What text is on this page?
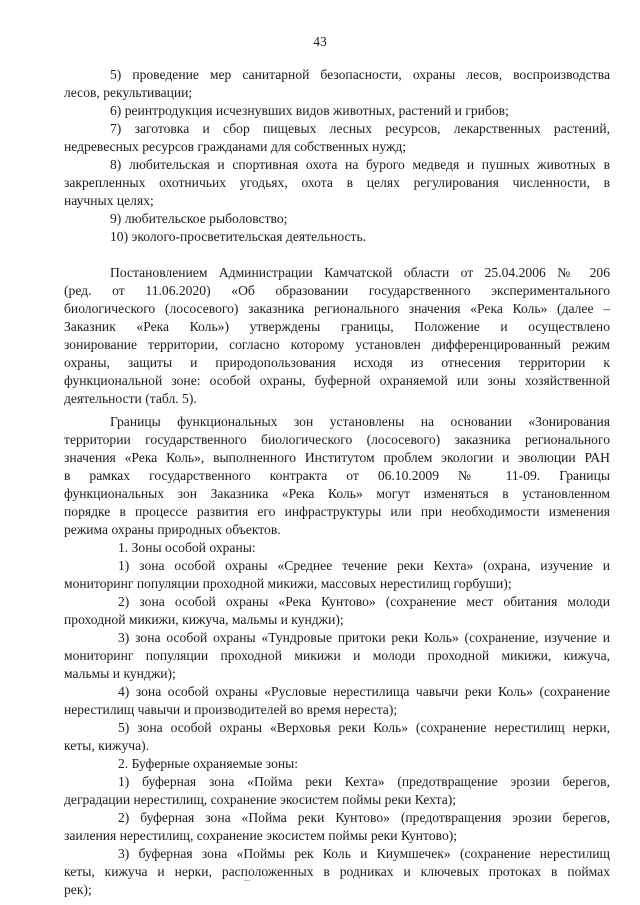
43
5) проведение мер санитарной безопасности, охраны лесов, воспроизводства
лесов, рекультивации;
6) реинтродукция исчезнувших видов животных, растений и грибов;
7) заготовка и сбор пищевых лесных ресурсов, лекарственных растений,
недревесных ресурсов гражданами для собственных нужд;
8) любительская и спортивная охота на бурого медведя и пушных животных в
закрепленных охотничьих угодьях, охота в целях регулирования численности, в
научных целях;
9) любительское рыболовство;
10) эколого-просветительская деятельность.
Постановлением Администрации Камчатской области от 25.04.2006 № 206
(ред. от 11.06.2020) «Об образовании государственного экспериментального
биологического (лососевого) заказника регионального значения «Река Коль» (далее –
Заказник «Река Коль») утверждены границы, Положение и осуществлено
зонирование территории, согласно которому установлен дифференцированный режим
охраны, защиты и природопользования исходя из отнесения территории к
функциональной зоне: особой охраны, буферной охраняемой или зоны хозяйственной
деятельности (табл. 5).
Границы функциональных зон установлены на основании «Зонирования
территории государственного биологического (лососевого) заказника регионального
значения «Река Коль», выполненного Институтом проблем экологии и эволюции РАН
в рамках государственного контракта от 06.10.2009 № 11-09. Границы
функциональных зон Заказника «Река Коль» могут изменяться в установленном
порядке в процессе развития его инфраструктуры или при необходимости изменения
режима охраны природных объектов.
1. Зоны особой охраны:
1) зона особой охраны «Среднее течение реки Кехта» (охрана, изучение и
мониторинг популяции проходной микижи, массовых нерестилищ горбуши);
2) зона особой охраны «Река Кунтово» (сохранение мест обитания молоди
проходной микижи, кижуча, мальмы и кунджи);
3) зона особой охраны «Тундровые притоки реки Коль» (сохранение, изучение и
мониторинг популяции проходной микижи и молоди проходной микижи, кижуча,
мальмы и кунджи);
4) зона особой охраны «Русловые нерестилища чавычи реки Коль» (сохранение
нерестилищ чавычи и производителей во время нереста);
5) зона особой охраны «Верховья реки Коль» (сохранение нерестилищ нерки,
кеты, кижуча).
2. Буферные охраняемые зоны:
1) буферная зона «Поймa реки Кехта» (предотвращение эрозии берегов,
деградации нерестилищ, сохранение экосистем поймы реки Кехта);
2) буферная зона «Пойма реки Кунтово» (предотвращения эрозии берегов,
заиления нерестилищ, сохранение экосистем поймы реки Кунтово);
3) буферная зона «Поймы рек Коль и Киумшечек» (сохранение нерестилищ
кеты, кижуча и нерки, расположенных в родниках и ключевых протоках в поймах
рек);
